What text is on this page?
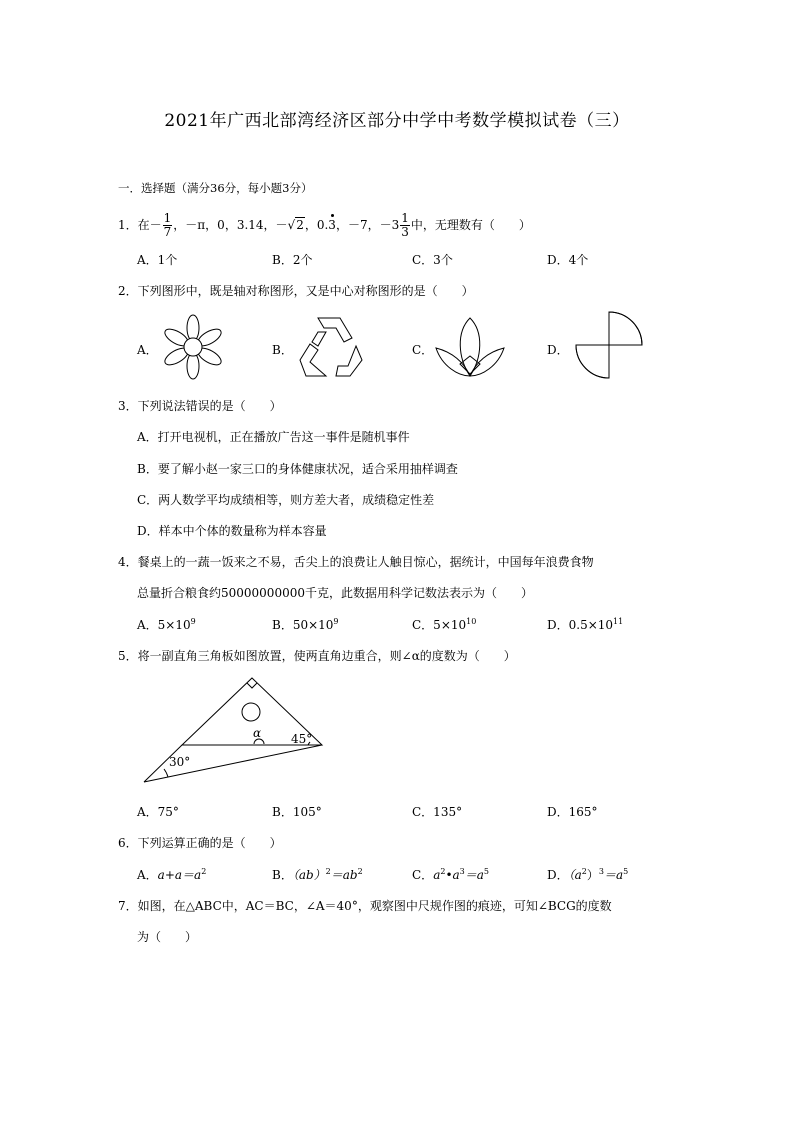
2021年广西北部湾经济区部分中学中考数学模拟试卷（三）
一．选择题（满分36分，每小题3分）
1．在－ $\frac{1}{7}$ ，－π，0，3.14，－√2，0.3，－7，$-3 \frac{1}{3}$ 中，无理数有（　　）
A．1个	B．2个	C．3个	D．4个
2．下列图形中，既是轴对称图形，又是中心对称图形的是（　　）
A．	B．	C．	D．
3．下列说法错误的是（　　）
A．打开电视机，正在播放广告这一事件是随机事件
B．要了解小赵一家三口的身体健康状况，适合采用抽样调查
C．两人数学平均成绩相等，则方差大者，成绩稳定性差
D．样本中个体的数量称为样本容量
4．餐桌上的一蔬一饭来之不易，舌尖上的浪费让人触目惊心，据统计，中国每年浪费食物
总量折合粮食约50000000000千克，此数据用科学记数法表示为（　　）
A．$5\times 10^9$	B．$50\times 10^9$	C．$5\times 10^{10}$	D．$0.5\times 10^{11}$
5．将一副直角三角板如图放置，使两直角边重合，则∠α的度数为（　　）
α 45°
30°
A．75°	B．105°	C．135°	D．165°
6．下列运算正确的是（　　）
A．$a+a=a^2$	B．$(ab)^2=ab^2$	C．$a^2•a^3=a^5$	D．$(a^2)^3=a^5$
7．如图，在△ABC中，AC＝BC，∠A＝40°，观察图中尺规作图的痕迹，可知∠BCG的度数
为（　　）
